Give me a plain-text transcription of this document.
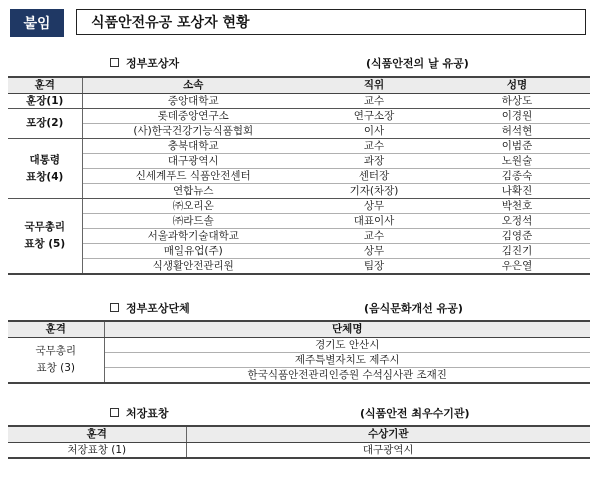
붙임	식품안전유공 포상자 현황
정부포상자	(식품안전의 날 유공)
훈격	소속	직위	성명
훈장(1)	중앙대학교	교수	하상도
포장(2)	롯데중앙연구소	연구소장	이경원
	(사)한국건강기능식품협회	이사	허석현
대통령
표창(4)	충북대학교	교수	이범준
	대구광역시	과장	노원술
	신세계푸드 식품안전센터	센터장	김종숙
	연합뉴스	기자(차장)	나확진
국무총리
표창 (5)	㈜오리온	상무	박천호
	㈜라드솔	대표이사	오정석
	서울과학기술대학교	교수	김영준
	매일유업(주)	상무	김진기
	식생활안전관리원	팀장	우은열
정부포상단체	(음식문화개선 유공)
훈격	단체명
국무총리
표창 (3)	경기도 안산시
	제주특별자치도 제주시
	한국식품안전관리인증원 수석심사관 조재진
처장표창	(식품안전 최우수기관)
훈격	수상기관
처장표창 (1)	대구광역시
